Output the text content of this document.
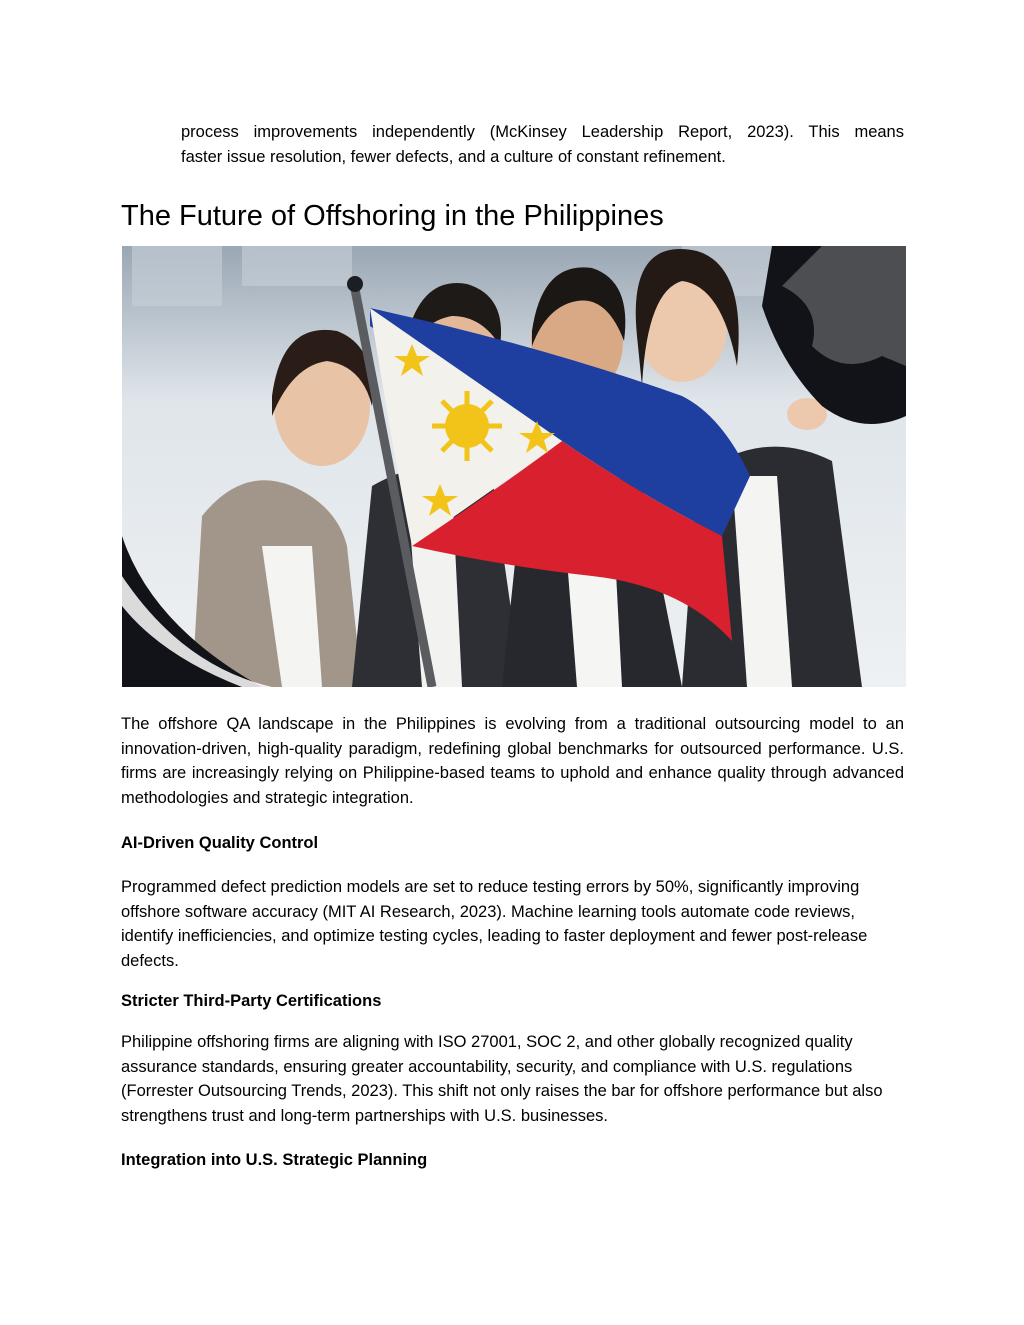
process improvements independently (McKinsey Leadership Report, 2023). This means
faster issue resolution, fewer defects, and a culture of constant refinement.

The Future of Offshoring in the Philippines

The offshore QA landscape in the Philippines is evolving from a traditional outsourcing model to an innovation-driven, high-quality paradigm, redefining global benchmarks for outsourced performance. U.S. firms are increasingly relying on Philippine-based teams to uphold and enhance quality through advanced methodologies and strategic integration.

AI-Driven Quality Control

Programmed defect prediction models are set to reduce testing errors by 50%, significantly improving offshore software accuracy (MIT AI Research, 2023). Machine learning tools automate code reviews, identify inefficiencies, and optimize testing cycles, leading to faster deployment and fewer post-release defects.

Stricter Third-Party Certifications

Philippine offshoring firms are aligning with ISO 27001, SOC 2, and other globally recognized quality assurance standards, ensuring greater accountability, security, and compliance with U.S. regulations (Forrester Outsourcing Trends, 2023). This shift not only raises the bar for offshore performance but also strengthens trust and long-term partnerships with U.S. businesses.

Integration into U.S. Strategic Planning
